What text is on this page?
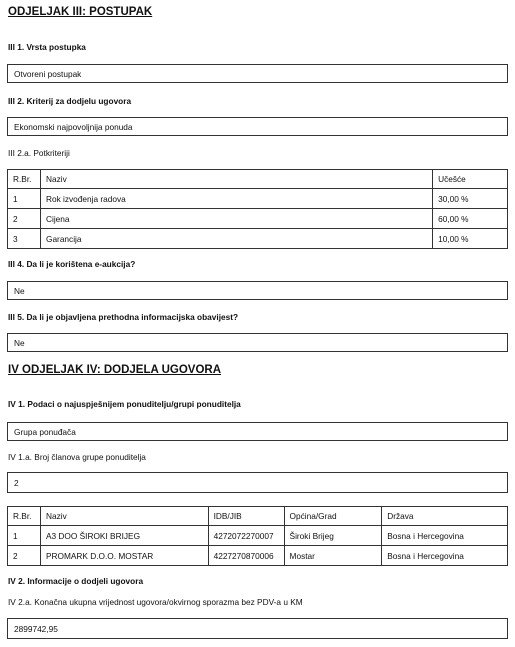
ODJELJAK III: POSTUPAK
III 1. Vrsta postupka
Otvoreni postupak
III 2. Kriterij za dodjelu ugovora
Ekonomski najpovoljnija ponuda
III 2.a. Potkriteriji
R.Br.	Naziv	Učešće
1	Rok izvođenja radova	30,00 %
2	Cijena	60,00 %
3	Garancija	10,00 %
III 4. Da li je korištena e-aukcija?
Ne
III 5. Da li je objavljena prethodna informacijska obavijest?
Ne
IV ODJELJAK IV: DODJELA UGOVORA
IV 1. Podaci o najuspješnijem ponuditelju/grupi ponuditelja
Grupa ponuđača
IV 1.a. Broj članova grupe ponuditelja
2
R.Br.	Naziv	IDB/JIB	Općina/Grad	Država
1	A3 DOO ŠIROKI BRIJEG	4272072270007	Široki Brijeg	Bosna i Hercegovina
2	PROMARK D.O.O. MOSTAR	4227270870006	Mostar	Bosna i Hercegovina
IV 2. Informacije o dodjeli ugovora
IV 2.a. Konačna ukupna vrijednost ugovora/okvirnog sporazma bez PDV-a u KM
2899742,95
